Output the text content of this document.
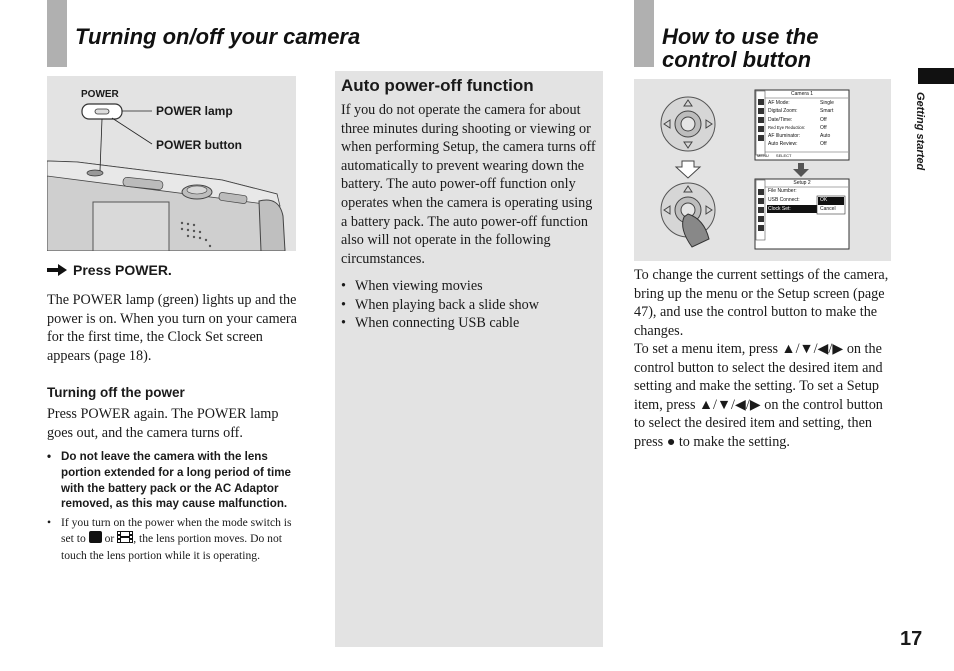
Turning on/off your camera
POWER
POWER lamp
POWER button
Press POWER.
The POWER lamp (green) lights up and the power is on. When you turn on your camera for the first time, the Clock Set screen appears (page 18).
Turning off the power
Press POWER again. The POWER lamp goes out, and the camera turns off.
• Do not leave the camera with the lens portion extended for a long period of time with the battery pack or the AC Adaptor removed, as this may cause malfunction.
• If you turn on the power when the mode switch is set to or , the lens portion moves. Do not touch the lens portion while it is operating.
Auto power-off function
If you do not operate the camera for about three minutes during shooting or viewing or when performing Setup, the camera turns off automatically to prevent wearing down the battery. The auto power-off function only operates when the camera is operating using a battery pack. The auto power-off function also will not operate in the following circumstances.
• When viewing movies
• When playing back a slide show
• When connecting USB cable
How to use the
control button
Camera 1
AF Mode:	Single
Digital Zoom:	Smart
Date/Time:	Off
Red Eye Reduction:	Off
AF Illuminator:	Auto
Auto Review:	Off
MENU SELECT
Setup 2
File Number:
USB Connect:
Clock Set:
OK
Cancel
To change the current settings of the camera, bring up the menu or the Setup screen (page 47), and use the control button to make the changes.
To set a menu item, press ▲/▼/◀/▶ on the control button to select the desired item and setting and make the setting. To set a Setup item, press ▲/▼/◀/▶ on the control button to select the desired item and setting, then press ● to make the setting.
Getting started
17
